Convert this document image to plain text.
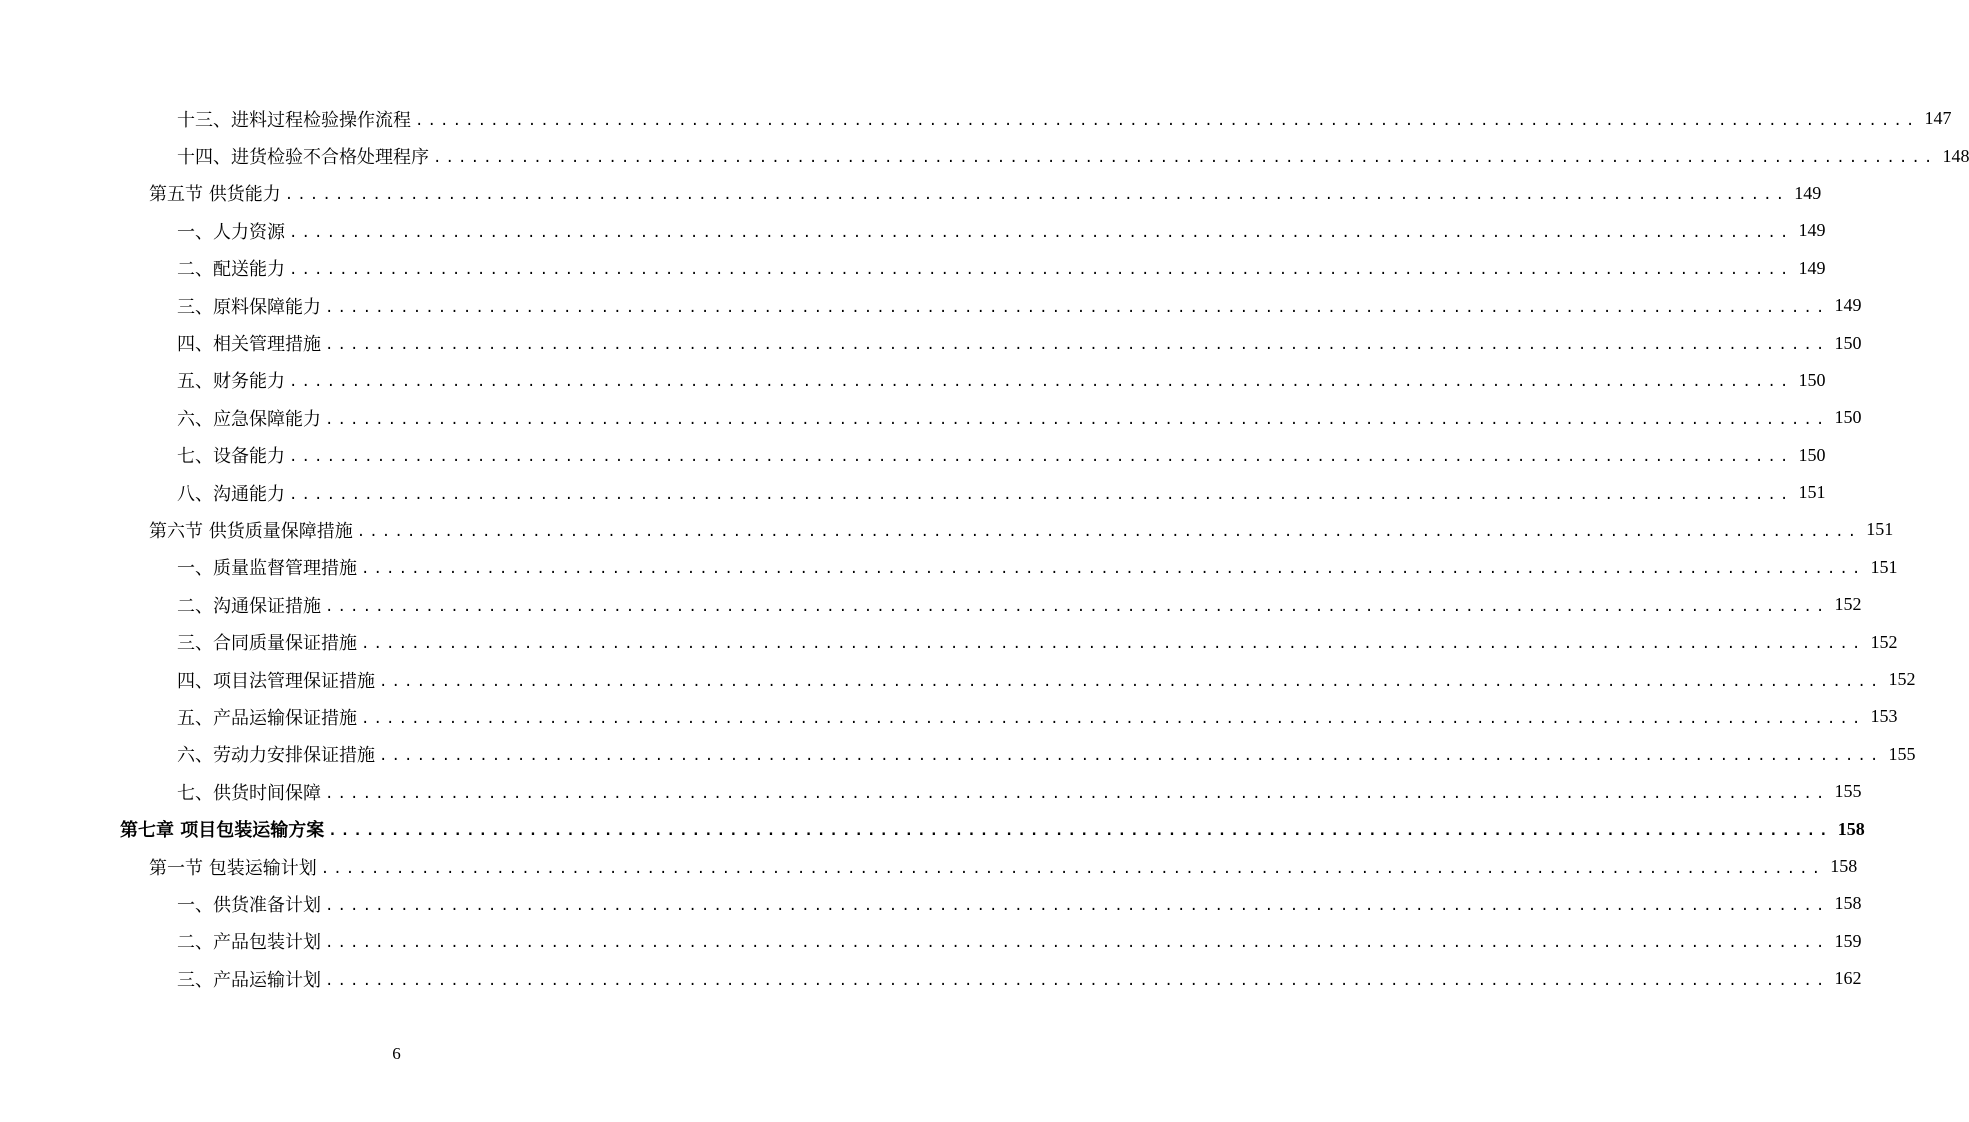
十三、进料过程检验操作流程 ........................................................................................................................ 147
十四、进货检验不合格处理程序 ........................................................................................................................ 148
第五节 供货能力 ........................................................................................................................ 149
一、人力资源 ........................................................................................................................ 149
二、配送能力 ........................................................................................................................ 149
三、原料保障能力 ........................................................................................................................ 149
四、相关管理措施 ........................................................................................................................ 150
五、财务能力 ........................................................................................................................ 150
六、应急保障能力 ........................................................................................................................ 150
七、设备能力 ........................................................................................................................ 150
八、沟通能力 ........................................................................................................................ 151
第六节 供货质量保障措施 ........................................................................................................................ 151
一、质量监督管理措施 ........................................................................................................................ 151
二、沟通保证措施 ........................................................................................................................ 152
三、合同质量保证措施 ........................................................................................................................ 152
四、项目法管理保证措施 ........................................................................................................................ 152
五、产品运输保证措施 ........................................................................................................................ 153
六、劳动力安排保证措施 ........................................................................................................................ 155
七、供货时间保障 ........................................................................................................................ 155
第七章 项目包装运输方案 ........................................................................................................................ 158
第一节 包装运输计划 ........................................................................................................................ 158
一、供货准备计划 ........................................................................................................................ 158
二、产品包装计划 ........................................................................................................................ 159
三、产品运输计划 ........................................................................................................................ 162
6
